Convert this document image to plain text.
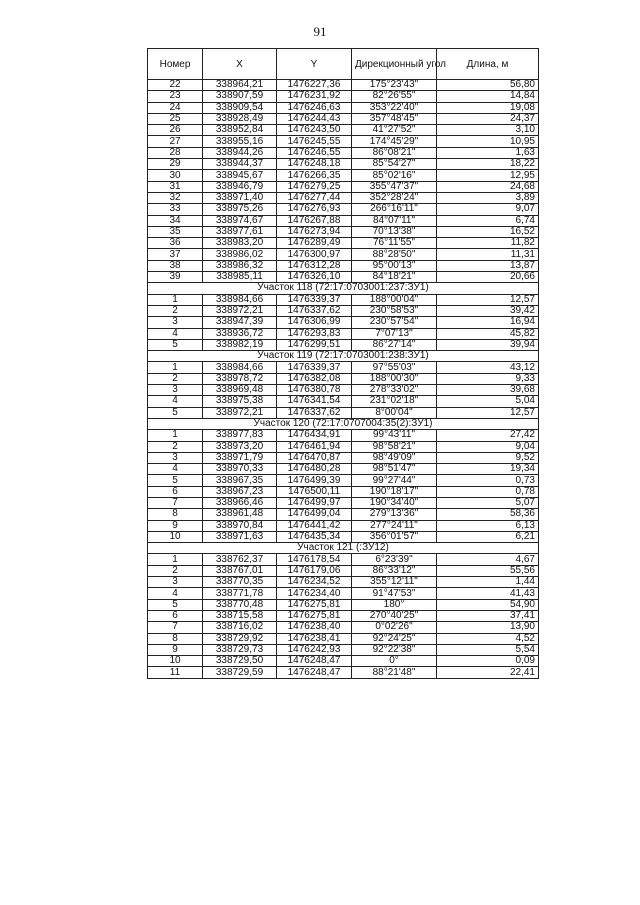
91
Номер	X	Y	Дирекционный угол	Длина, м
22	338964,21	1476227,36	175°23'43"	56,80
23	338907,59	1476231,92	82°26'55"	14,84
24	338909,54	1476246,63	353°22'40"	19,08
25	338928,49	1476244,43	357°48'45"	24,37
26	338952,84	1476243,50	41°27'52"	3,10
27	338955,16	1476245,55	174°45'29"	10,95
28	338944,26	1476246,55	86°08'21"	1,63
29	338944,37	1476248,18	85°54'27"	18,22
30	338945,67	1476266,35	85°02'16"	12,95
31	338946,79	1476279,25	355°47'37"	24,68
32	338971,40	1476277,44	352°28'24"	3,89
33	338975,26	1476276,93	266°16'11"	9,07
34	338974,67	1476267,88	84°07'11"	6,74
35	338977,61	1476273,94	70°13'38"	16,52
36	338983,20	1476289,49	76°11'55"	11,82
37	338986,02	1476300,97	88°28'50"	11,31
38	338986,32	1476312,28	95°00'13"	13,87
39	338985,11	1476326,10	84°18'21"	20,66
Участок 118 (72:17:0703001:237:ЗУ1)				
1	338984,66	1476339,37	188°00'04"	12,57
2	338972,21	1476337,62	230°58'53"	39,42
3	338947,39	1476306,99	230°57'54"	16,94
4	338936,72	1476293,83	7°07'13"	45,82
5	338982,19	1476299,51	86°27'14"	39,94
Участок 119 (72:17:0703001:238:ЗУ1)				
1	338984,66	1476339,37	97°55'03"	43,12
2	338978,72	1476382,08	188°00'30"	9,33
3	338969,48	1476380,78	278°33'02"	39,68
4	338975,38	1476341,54	231°02'18"	5,04
5	338972,21	1476337,62	8°00'04"	12,57
Участок 120 (72:17:0707004:35(2):ЗУ1)				
1	338977,83	1476434,91	99°43'11"	27,42
2	338973,20	1476461,94	98°58'21"	9,04
3	338971,79	1476470,87	98°49'09"	9,52
4	338970,33	1476480,28	98°51'47"	19,34
5	338967,35	1476499,39	99°27'44"	0,73
6	338967,23	1476500,11	190°18'17"	0,78
7	338966,46	1476499,97	190°34'40"	5,07
8	338961,48	1476499,04	279°13'36"	58,36
9	338970,84	1476441,42	277°24'11"	6,13
10	338971,63	1476435,34	356°01'57"	6,21
Участок 121 (:ЗУ12)				
1	338762,37	1476178,54	6°23'39"	4,67
2	338767,01	1476179,06	86°33'12"	55,56
3	338770,35	1476234,52	355°12'11"	1,44
4	338771,78	1476234,40	91°47'53"	41,43
5	338770,48	1476275,81	180°	54,90
6	338715,58	1476275,81	270°40'25"	37,41
7	338716,02	1476238,40	0°02'26"	13,90
8	338729,92	1476238,41	92°24'25"	4,52
9	338729,73	1476242,93	92°22'38"	5,54
10	338729,50	1476248,47	0°	0,09
11	338729,59	1476248,47	88°21'48"	22,41
